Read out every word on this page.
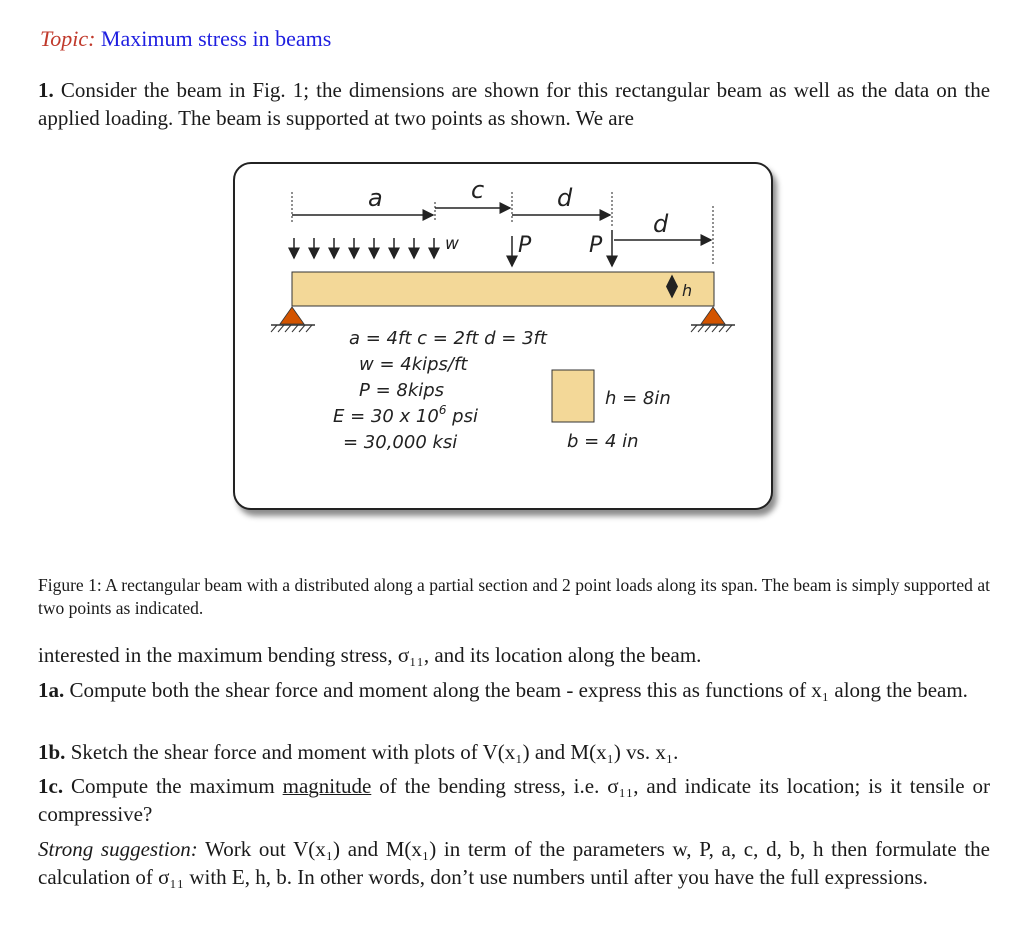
Topic: Maximum stress in beams
1. Consider the beam in Fig. 1; the dimensions are shown for this rectangular beam as well as the data on the applied loading. The beam is supported at two points as shown. We are
a	c	d
d
w	P	P
h
a = 4ft c = 2ft d = 3ft
w = 4kips/ft
P = 8kips
E = 30 x $10^6$ psi
= 30,000 ksi
h = 8in
b = 4 in
Figure 1: A rectangular beam with a distributed along a partial section and 2 point loads along its span. The beam is simply supported at two points as indicated.
interested in the maximum bending stress, σ₁₁, and its location along the beam.
1a. Compute both the shear force and moment along the beam - express this as functions of x₁ along the beam.
1b. Sketch the shear force and moment with plots of V(x₁) and M(x₁) vs. x₁.
1c. Compute the maximum magnitude of the bending stress, i.e. σ₁₁, and indicate its location; is it tensile or compressive?
Strong suggestion: Work out V(x₁) and M(x₁) in term of the parameters w, P, a, c, d, b, h then formulate the calculation of σ₁₁ with E, h, b. In other words, don’t use numbers until after you have the full expressions.
